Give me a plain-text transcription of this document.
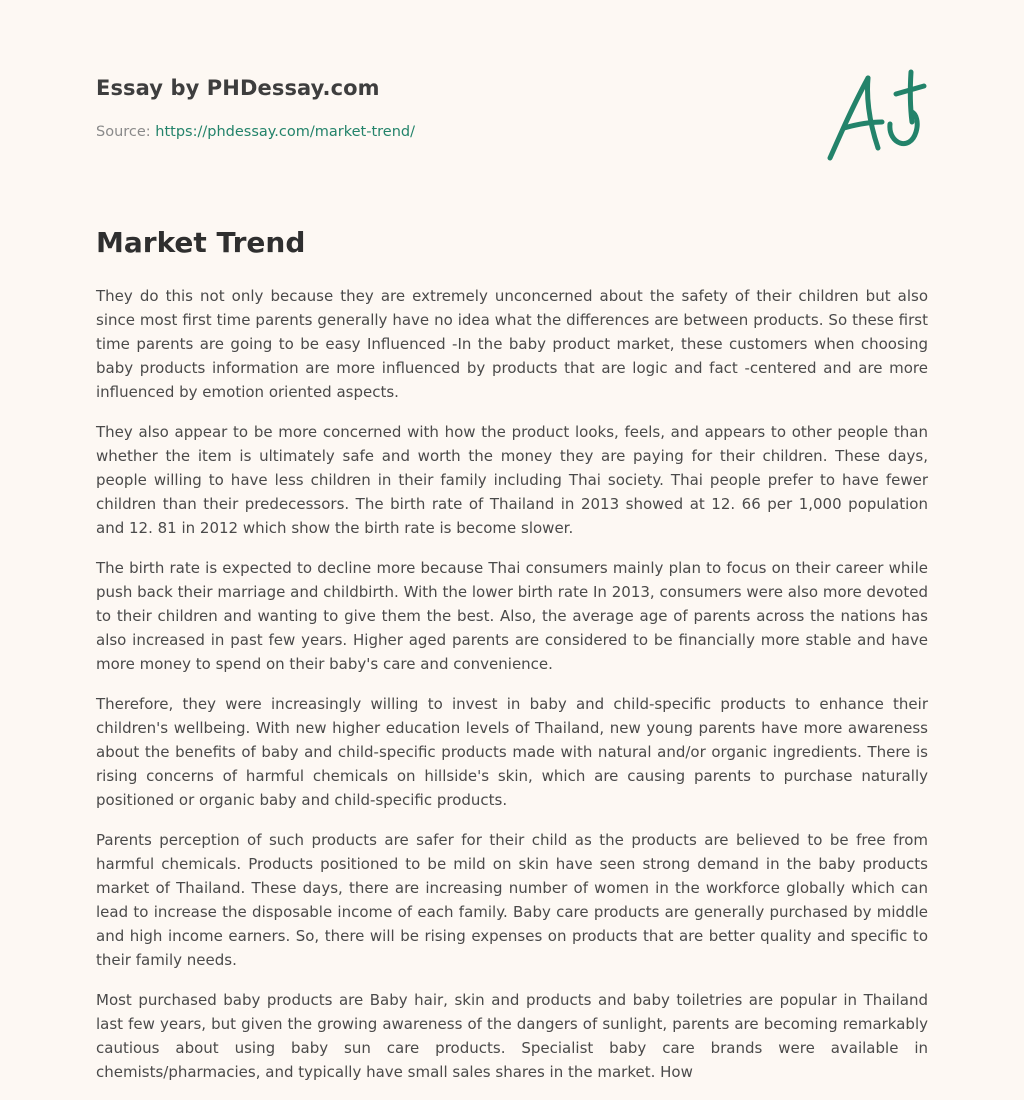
Essay by PHDessay.com
Source: https://phdessay.com/market-trend/
Market Trend

They do this not only because they are extremely unconcerned about the safety of their children but also since most first time parents generally have no idea what the differences are between products. So these first time parents are going to be easy Influenced -In the baby product market, these customers when choosing baby products information are more influenced by products that are logic and fact -centered and are more influenced by emotion oriented aspects.

They also appear to be more concerned with how the product looks, feels, and appears to other people than whether the item is ultimately safe and worth the money they are paying for their children. These days, people willing to have less children in their family including Thai society. Thai people prefer to have fewer children than their predecessors. The birth rate of Thailand in 2013 showed at 12. 66 per 1,000 population and 12. 81 in 2012 which show the birth rate is become slower.

The birth rate is expected to decline more because Thai consumers mainly plan to focus on their career while push back their marriage and childbirth. With the lower birth rate In 2013, consumers were also more devoted to their children and wanting to give them the best. Also, the average age of parents across the nations has also increased in past few years. Higher aged parents are considered to be financially more stable and have more money to spend on their baby's care and convenience.

Therefore, they were increasingly willing to invest in baby and child-specific products to enhance their children's wellbeing. With new higher education levels of Thailand, new young parents have more awareness about the benefits of baby and child-specific products made with natural and/or organic ingredients. There is rising concerns of harmful chemicals on hillside's skin, which are causing parents to purchase naturally positioned or organic baby and child-specific products.

Parents perception of such products are safer for their child as the products are believed to be free from harmful chemicals. Products positioned to be mild on skin have seen strong demand in the baby products market of Thailand. These days, there are increasing number of women in the workforce globally which can lead to increase the disposable income of each family. Baby care products are generally purchased by middle and high income earners. So, there will be rising expenses on products that are better quality and specific to their family needs.

Most purchased baby products are Baby hair, skin and products and baby toiletries are popular in Thailand last few years, but given the growing awareness of the dangers of sunlight, parents are becoming remarkably cautious about using baby sun care products. Specialist baby care brands were available in chemists/pharmacies, and typically have small sales shares in the market. How
